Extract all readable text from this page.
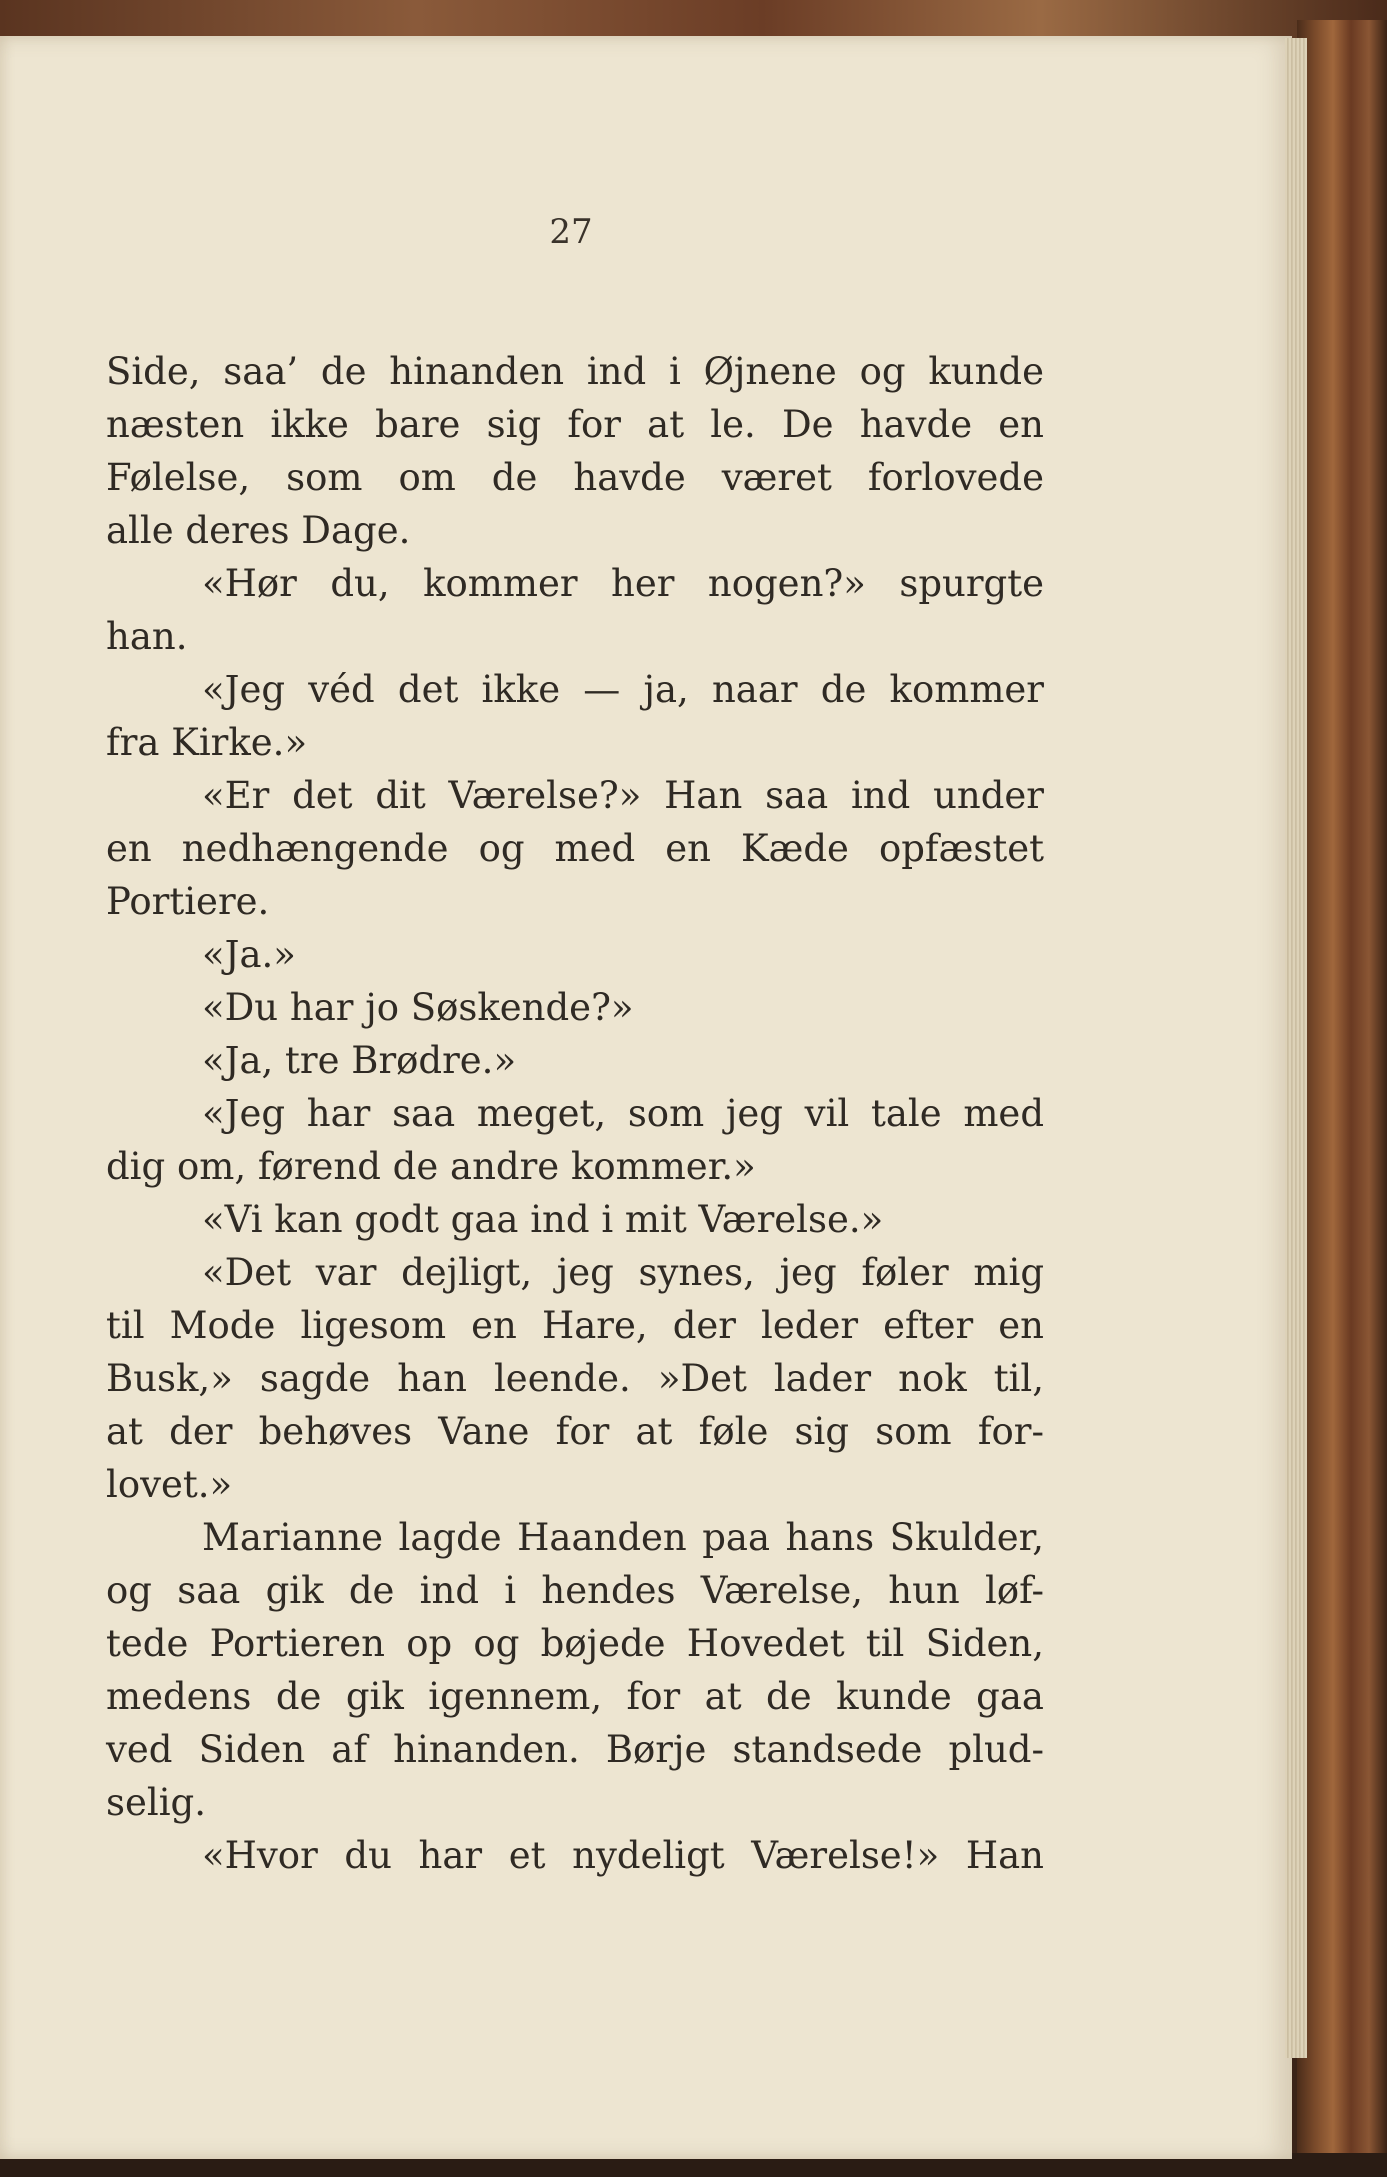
27
Side, saa’ de hinanden ind i Øjnene og kunde
næsten ikke bare sig for at le. De havde en
Følelse, som om de havde været forlovede
alle deres Dage.
«Hør du, kommer her nogen?» spurgte
han.
«Jeg véd det ikke — ja, naar de kommer
fra Kirke.»
«Er det dit Værelse?» Han saa ind under
en nedhængende og med en Kæde opfæstet
Portiere.
«Ja.»
«Du har jo Søskende?»
«Ja, tre Brødre.»
«Jeg har saa meget, som jeg vil tale med
dig om, førend de andre kommer.»
«Vi kan godt gaa ind i mit Værelse.»
«Det var dejligt, jeg synes, jeg føler mig
til Mode ligesom en Hare, der leder efter en
Busk,» sagde han leende. »Det lader nok til,
at der behøves Vane for at føle sig som for-
lovet.»
Marianne lagde Haanden paa hans Skulder,
og saa gik de ind i hendes Værelse, hun løf-
tede Portieren op og bøjede Hovedet til Siden,
medens de gik igennem, for at de kunde gaa
ved Siden af hinanden. Børje standsede plud-
selig.
«Hvor du har et nydeligt Værelse!» Han
